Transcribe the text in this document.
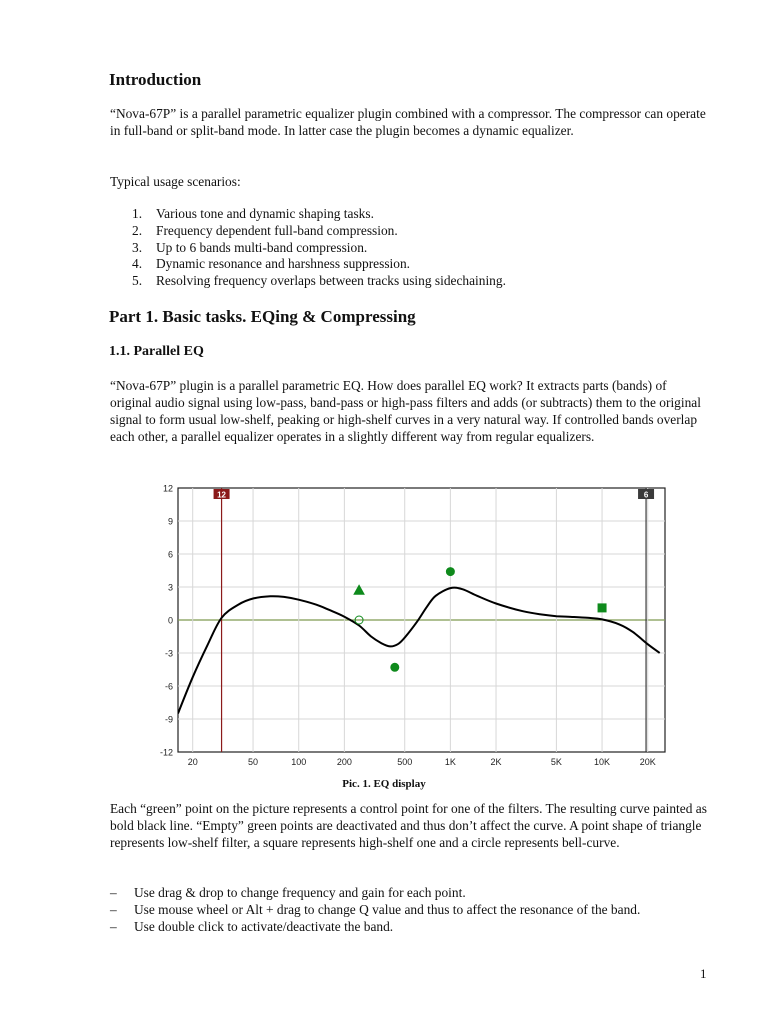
Introduction

“Nova-67P” is a parallel parametric equalizer plugin combined with a compressor. The compressor can operate in full-band or split-band mode. In latter case the plugin becomes a dynamic equalizer.

Typical usage scenarios:

1.	Various tone and dynamic shaping tasks.
2.	Frequency dependent full-band compression.
3.	Up to 6 bands multi-band compression.
4.	Dynamic resonance and harshness suppression.
5.	Resolving frequency overlaps between tracks using sidechaining.
Part 1. Basic tasks. EQing & Compressing
1.1. Parallel EQ

“Nova-67P” plugin is a parallel parametric EQ. How does parallel EQ work? It extracts parts (bands) of original audio signal using low-pass, band-pass or high-pass filters and adds (or subtracts) them to the original signal to form usual low-shelf, peaking or high-shelf curves in a very natural way. If controlled bands overlap each other, a parallel equalizer operates in a slightly different way from regular equalizers.

12	6
12
9
6
3
0
-3
-6
-9
-12
20	50	100	200	500	1K	2K	5K	10K	20K
Pic. 1. EQ display

Each “green” point on the picture represents a control point for one of the filters. The resulting curve painted as bold black line. “Empty” green points are deactivated and thus don’t affect the curve. A point shape of triangle represents low-shelf filter, a square represents high-shelf one and a circle represents bell-curve.

–	Use drag & drop to change frequency and gain for each point.
–	Use mouse wheel or Alt + drag to change Q value and thus to affect the resonance of the band.
–	Use double click to activate/deactivate the band.
1
